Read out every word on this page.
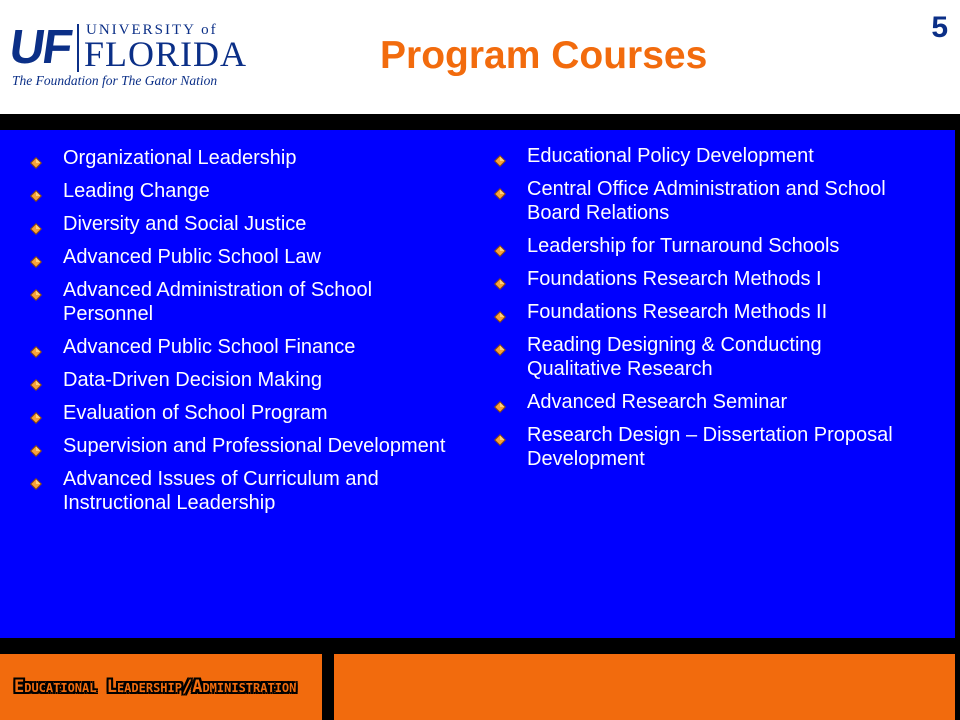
UF UNIVERSITY of
FLORIDA
The Foundation for The Gator Nation
Program Courses
5
Organizational Leadership
Leading Change
Diversity and Social Justice
Advanced Public School Law
Advanced Administration of School Personnel
Advanced Public School Finance
Data-Driven Decision Making
Evaluation of School Program
Supervision and Professional Development
Advanced Issues of Curriculum and Instructional Leadership
Educational Policy Development
Central Office Administration and School Board Relations
Leadership for Turnaround Schools
Foundations Research Methods I
Foundations Research Methods II
Reading Designing & Conducting Qualitative Research
Advanced Research Seminar
Research Design – Dissertation Proposal Development
Educational Leadership/Administration
